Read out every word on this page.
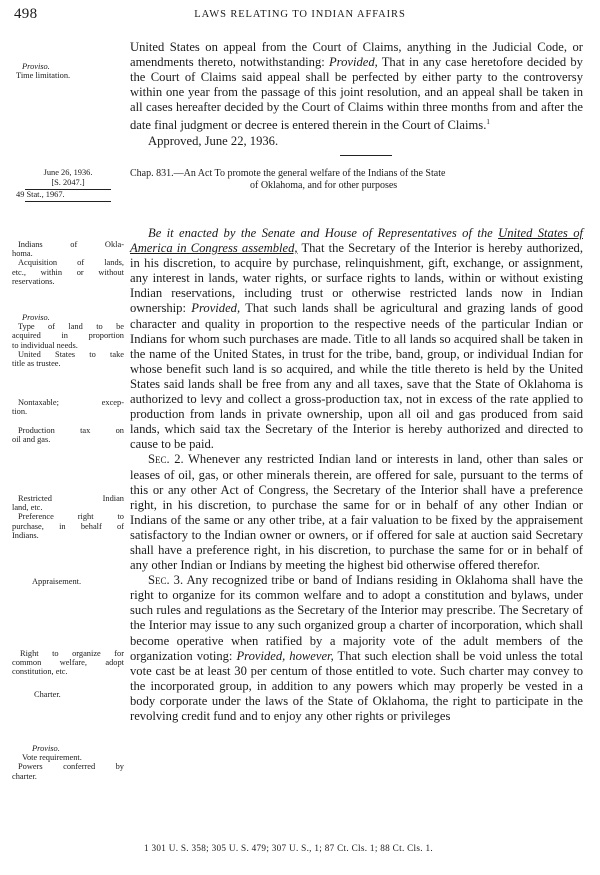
498	LAWS RELATING TO INDIAN AFFAIRS
Proviso.
Time limitation.

United States on appeal from the Court of Claims, anything in the Judicial Code, or amendments thereto, notwithstanding: Provided, That in any case heretofore decided by the Court of Claims said appeal shall be perfected by either party to the controversy within one year from the passage of this joint resolution, and an appeal shall be taken in all cases hereafter decided by the Court of Claims within three months from and after the date final judgment or decree is entered therein in the Court of Claims.$^1$

Approved, June 22, 1936.

June 26, 1936.
[S. 2047.]
49 Stat., 1967.
Chap. 831.—An Act To promote the general welfare of the Indians of the State
of Oklahoma, and for other purposes
Indians of Okla-
homa.
Acquisition of lands,
etc., within or without
reservations.
Proviso.
Type of land to be
acquired in proportion
to individual needs.
United States to take
title as trustee.
Nontaxable; excep-
tion.
Production tax on
oil and gas.
Restricted Indian
land, etc.
Preference right to
purchase, in behalf of
Indians.
Appraisement.
Right to organize for
common welfare, adopt
constitution, etc.
Charter.
Proviso.
Vote requirement.
Powers conferred by
charter.

Be it enacted by the Senate and House of Representatives of the United States of America in Congress assembled, That the Secretary of the Interior is hereby authorized, in his discretion, to acquire by purchase, relinquishment, gift, exchange, or assignment, any interest in lands, water rights, or surface rights to lands, within or without existing Indian reservations, including trust or otherwise restricted lands now in Indian ownership: Provided, That such lands shall be agricultural and grazing lands of good character and quality in proportion to the respective needs of the particular Indian or Indians for whom such purchases are made. Title to all lands so acquired shall be taken in the name of the United States, in trust for the tribe, band, group, or individual Indian for whose benefit such land is so acquired, and while the title thereto is held by the United States said lands shall be free from any and all taxes, save that the State of Oklahoma is authorized to levy and collect a gross-production tax, not in excess of the rate applied to production from lands in private ownership, upon all oil and gas produced from said lands, which said tax the Secretary of the Interior is hereby authorized and directed to cause to be paid.

Sec. 2. Whenever any restricted Indian land or interests in land, other than sales or leases of oil, gas, or other minerals therein, are offered for sale, pursuant to the terms of this or any other Act of Congress, the Secretary of the Interior shall have a preference right, in his discretion, to purchase the same for or in behalf of any other Indian or Indians of the same or any other tribe, at a fair valuation to be fixed by the appraisement satisfactory to the Indian owner or owners, or if offered for sale at auction said Secretary shall have a preference right, in his discretion, to purchase the same for or in behalf of any other Indian or Indians by meeting the highest bid otherwise offered therefor.

Sec. 3. Any recognized tribe or band of Indians residing in Oklahoma shall have the right to organize for its common welfare and to adopt a constitution and bylaws, under such rules and regulations as the Secretary of the Interior may prescribe. The Secretary of the Interior may issue to any such organized group a charter of incorporation, which shall become operative when ratified by a majority vote of the adult members of the organization voting: Provided, however, That such election shall be void unless the total vote cast be at least 30 per centum of those entitled to vote. Such charter may convey to the incorporated group, in addition to any powers which may properly be vested in a body corporate under the laws of the State of Oklahoma, the right to participate in the revolving credit fund and to enjoy any other rights or privileges

1 301 U. S. 358; 305 U. S. 479; 307 U. S., 1; 87 Ct. Cls. 1; 88 Ct. Cls. 1.
